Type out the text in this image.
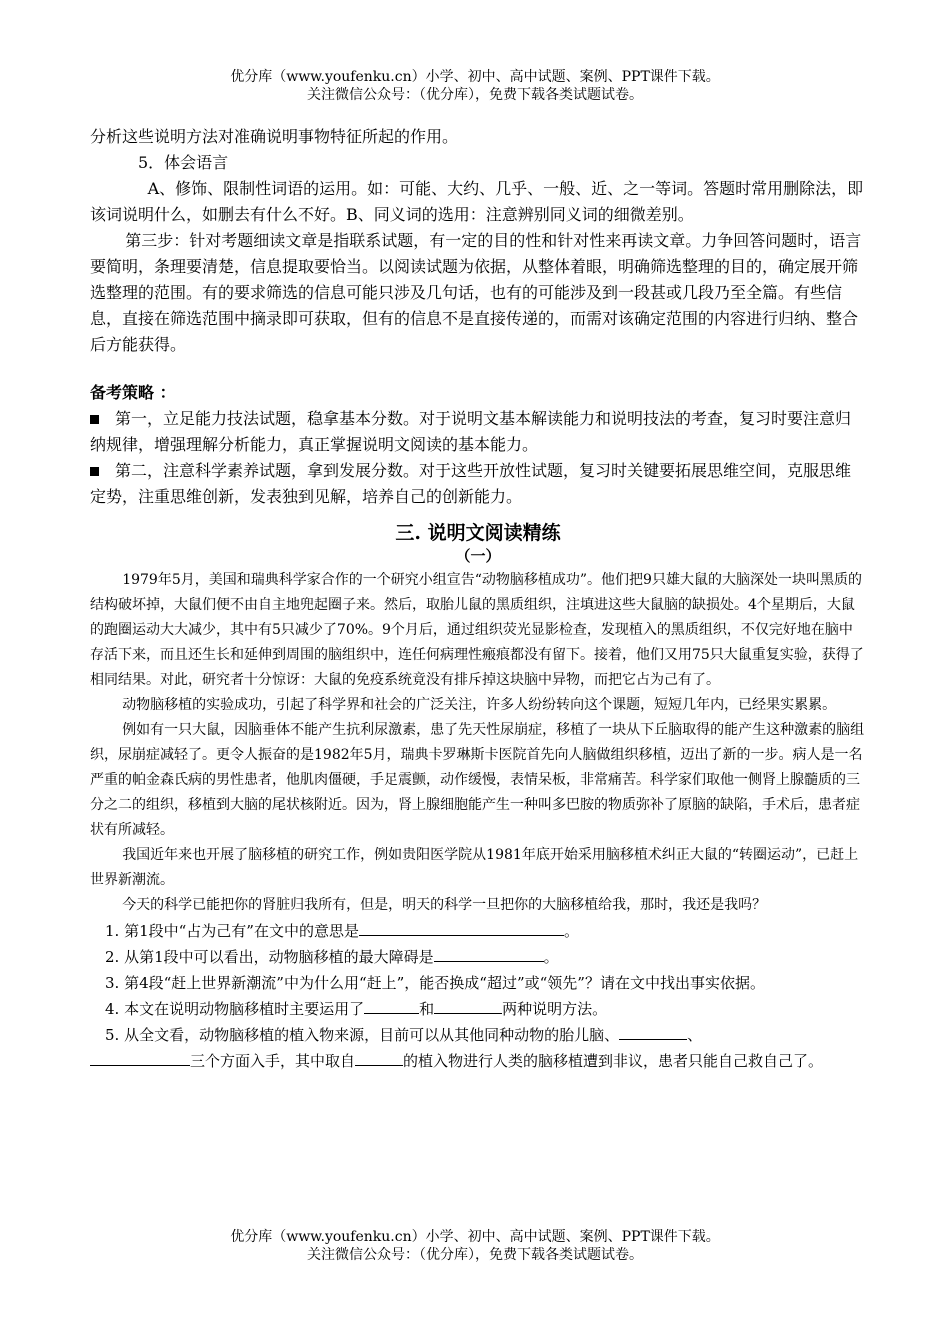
优分库（www.youfenku.cn）小学、初中、高中试题、案例、PPT课件下载。
关注微信公众号：（优分库），免费下载各类试题试卷。

分析这些说明方法对准确说明事物特征所起的作用。

5．体会语言

A、修饰、限制性词语的运用。如：可能、大约、几乎、一般、近、之一等词。答题时常用删除法，即该词说明什么，如删去有什么不好。B、同义词的选用：注意辨别同义词的细微差别。

第三步：针对考题细读文章是指联系试题，有一定的目的性和针对性来再读文章。力争回答问题时，语言要简明，条理要清楚，信息提取要恰当。以阅读试题为依据，从整体着眼，明确筛选整理的目的，确定展开筛选整理的范围。有的要求筛选的信息可能只涉及几句话，也有的可能涉及到一段甚或几段乃至全篇。有些信息，直接在筛选范围中摘录即可获取，但有的信息不是直接传递的，而需对该确定范围的内容进行归纳、整合后方能获得。

备考策略 ：

第一，立足能力技法试题，稳拿基本分数。对于说明文基本解读能力和说明技法的考查，复习时要注意归纳规律，增强理解分析能力，真正掌握说明文阅读的基本能力。

第二，注意科学素养试题，拿到发展分数。对于这些开放性试题，复习时关键要拓展思维空间，克服思维定势，注重思维创新，发表独到见解，培养自己的创新能力。

三. 说明文阅读精练

（一）

1979年5月，美国和瑞典科学家合作的一个研究小组宣告“动物脑移植成功”。他们把9只雄大鼠的大脑深处一块叫黑质的结构破坏掉，大鼠们便不由自主地兜起圈子来。然后，取胎儿鼠的黑质组织，注填进这些大鼠脑的缺损处。4个星期后，大鼠的跑圈运动大大减少，其中有5只减少了70%。9个月后，通过组织荧光显影检查，发现植入的黑质组织，不仅完好地在脑中存活下来，而且还生长和延伸到周围的脑组织中，连任何病理性瘢痕都没有留下。接着，他们又用75只大鼠重复实验，获得了相同结果。对此，研究者十分惊讶：大鼠的免疫系统竟没有排斥掉这块脑中异物，而把它占为己有了。

动物脑移植的实验成功，引起了科学界和社会的广泛关注，许多人纷纷转向这个课题，短短几年内，已经果实累累。

例如有一只大鼠，因脑垂体不能产生抗利尿激素，患了先天性尿崩症，移植了一块从下丘脑取得的能产生这种激素的脑组织，尿崩症减轻了。更令人振奋的是1982年5月，瑞典卡罗琳斯卡医院首先向人脑做组织移植，迈出了新的一步。病人是一名严重的帕金森氏病的男性患者，他肌肉僵硬，手足震颤，动作缓慢，表情呆板，非常痛苦。科学家们取他一侧肾上腺髓质的三分之二的组织，移植到大脑的尾状核附近。因为，肾上腺细胞能产生一种叫多巴胺的物质弥补了原脑的缺陷，手术后，患者症状有所减轻。

我国近年来也开展了脑移植的研究工作，例如贵阳医学院从1981年底开始采用脑移植术纠正大鼠的“转圈运动”，已赶上世界新潮流。

今天的科学已能把你的肾脏归我所有，但是，明天的科学一旦把你的大脑移植给我，那时，我还是我吗？

1. 第1段中“占为己有”在文中的意思是	。

2. 从第1段中可以看出，动物脑移植的最大障碍是	。

3. 第4段“赶上世界新潮流”中为什么用“赶上”，能否换成“超过”或“领先”？请在文中找出事实依据。

4. 本文在说明动物脑移植时主要运用了	和	两种说明方法。

5. 从全文看，动物脑移植的植入物来源，目前可以从其他同种动物的胎儿脑、	、
三个方面入手，其中取自	的植入物进行人类的脑移植遭到非议，患者只能自己救自己了。

优分库（www.youfenku.cn）小学、初中、高中试题、案例、PPT课件下载。
关注微信公众号：（优分库），免费下载各类试题试卷。
